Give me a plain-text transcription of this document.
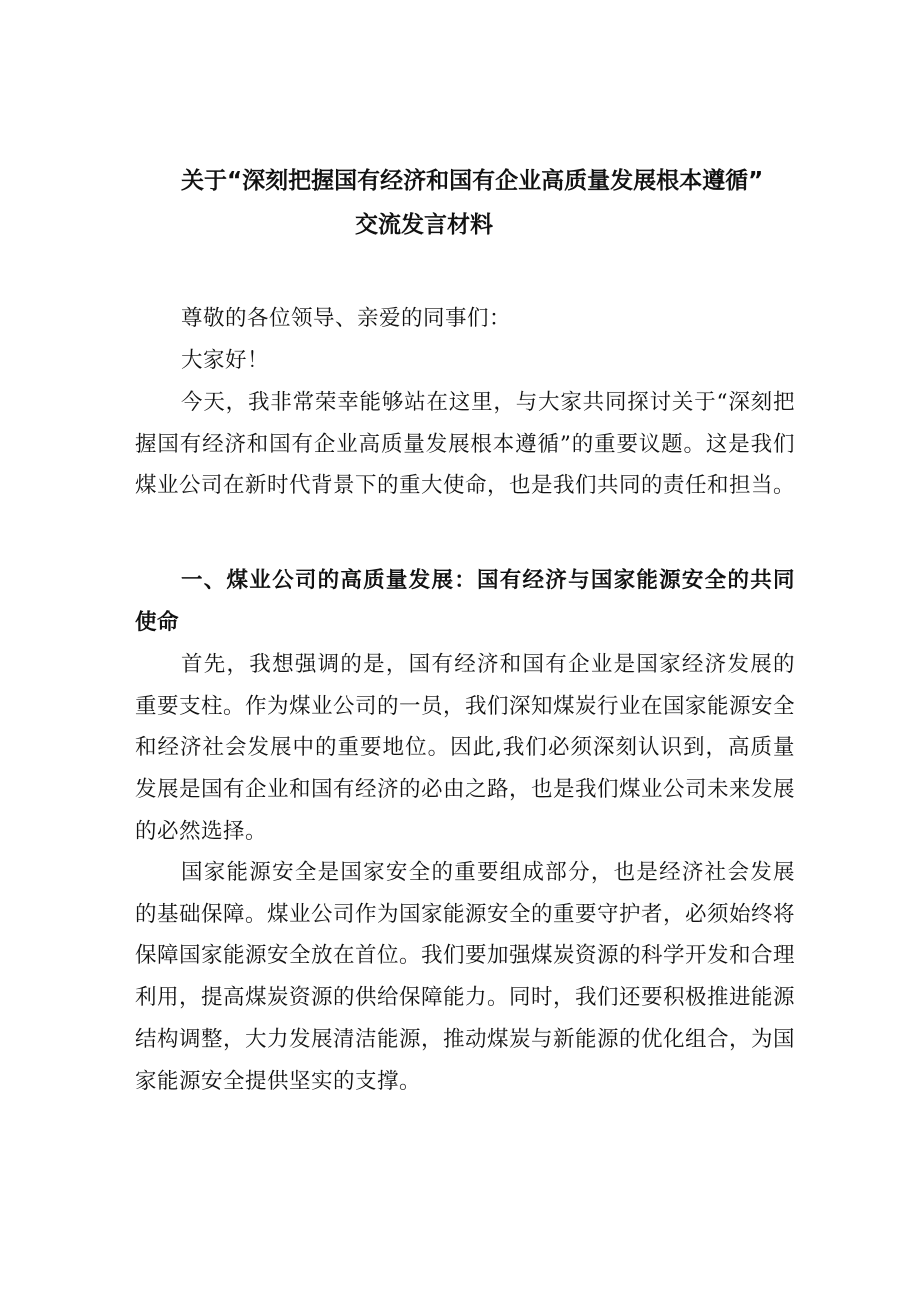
关于“深刻把握国有经济和国有企业高质量发展根本遵循”
交流发言材料
尊敬的各位领导、亲爱的同事们：
大家好！
今天，我非常荣幸能够站在这里，与大家共同探讨关于“深刻把握国有经济和国有企业高质量发展根本遵循”的重要议题。这是我们煤业公司在新时代背景下的重大使命，也是我们共同的责任和担当。
一、煤业公司的高质量发展：国有经济与国家能源安全的共同使命
首先，我想强调的是，国有经济和国有企业是国家经济发展的重要支柱。作为煤业公司的一员，我们深知煤炭行业在国家能源安全和经济社会发展中的重要地位。因此,我们必须深刻认识到，高质量发展是国有企业和国有经济的必由之路，也是我们煤业公司未来发展的必然选择。
国家能源安全是国家安全的重要组成部分，也是经济社会发展的基础保障。煤业公司作为国家能源安全的重要守护者，必须始终将保障国家能源安全放在首位。我们要加强煤炭资源的科学开发和合理利用，提高煤炭资源的供给保障能力。同时，我们还要积极推进能源结构调整，大力发展清洁能源，推动煤炭与新能源的优化组合，为国家能源安全提供坚实的支撑。
